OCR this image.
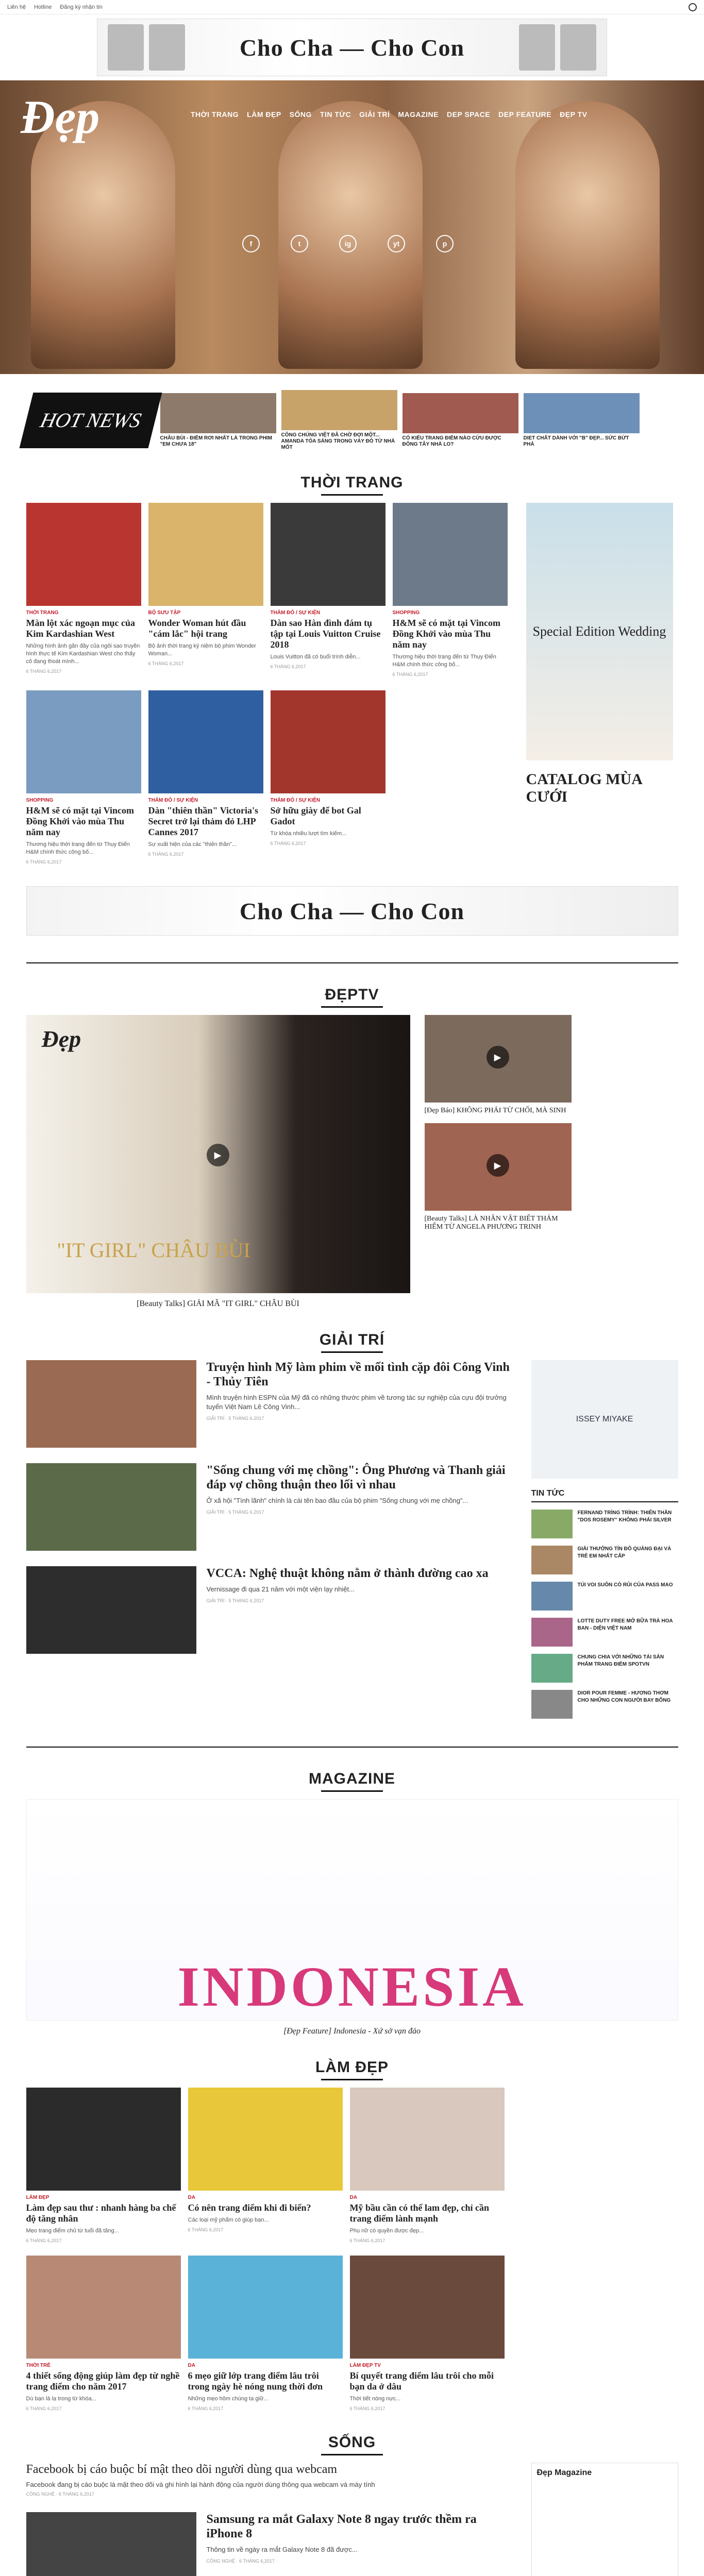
Liên hệ Hotline Đăng ký nhận tin
Cho Cha — Cho Con
Đẹp	THỜI TRANG LÀM ĐẸP SỐNG TIN TỨC GIẢI TRÍ MAGAZINE DEP SPACE DEP FEATURE ĐẸP TV
f	t	ig	yt	p
HOT NEWS
CHÂU BÙI - ĐIỂM RƠI NHẤT LÀ TRONG PHIM "EM CHƯA 18"
CÔNG CHÚNG VIỆT ĐÃ CHỜ ĐỢI MỘT... AMANDA TỎA SÁNG TRONG VÁY ĐỎ TỪ NHÀ MỐT
CÓ KIỂU TRANG ĐIỂM NÀO CỨU ĐƯỢC ĐÔNG TÂY NHÀ LO?
DIET CHẤT DÀNH VỚI "B" ĐẸP... SỨC BỨT PHÁ
THỜI TRANG
THỜI TRANG
Màn lột xác ngoạn mục của Kim Kardashian West

Những hình ảnh gần đây của ngôi sao truyền hình thực tế Kim Kardashian West cho thấy cô đang thoát mình...

6 THÁNG 6,2017
BỘ SƯU TẬP
Wonder Woman hút đầu "cám lắc" hội trang

Bộ ảnh thời trang kỷ niệm bộ phim Wonder Woman...

6 THÁNG 6,2017
THẢM ĐỎ / SỰ KIỆN
Dàn sao Hàn đình đám tụ tập tại Louis Vuitton Cruise 2018

Louis Vuitton đã có buổi trình diễn...

6 THÁNG 6,2017
SHOPPING
H&M sẽ có mặt tại Vincom Đồng Khởi vào mùa Thu năm nay

Thương hiệu thời trang đến từ Thụy Điển H&M chính thức công bố...

6 THÁNG 6,2017
SHOPPING
H&M sẽ có mặt tại Vincom Đồng Khởi vào mùa Thu năm nay

Thương hiệu thời trang đến từ Thụy Điển H&M chính thức công bố...

6 THÁNG 6,2017
THẢM ĐỎ / SỰ KIỆN
Dàn "thiên thần" Victoria's Secret trở lại thảm đỏ LHP Cannes 2017

Sự xuất hiện của các "thiên thần"...

6 THÁNG 6,2017
THẢM ĐỎ / SỰ KIỆN
Sở hữu giày để bot Gal Gadot

Từ khóa nhiều lượt tìm kiếm...

6 THÁNG 6,2017
Special Edition Wedding
CATALOG MÙA CƯỚI
Cho Cha — Cho Con
ĐẸPTV
Đẹp
▶
"IT GIRL" CHÂU BÙI
[Beauty Talks] GIẢI MÃ "IT GIRL" CHÂU BÙI
▶
[Đẹp Báo] KHÔNG PHẢI TỪ CHỐI, MÀ SINH
▶
[Beauty Talks] LÀ NHÂN VẬT BIẾT THÁM HIỂM TỪ ANGELA PHƯƠNG TRINH
GIẢI TRÍ
Truyện hình Mỹ làm phim về mối tình cặp đôi Công Vinh - Thủy Tiên

Mình truyện hình ESPN của Mỹ đã có những thước phim về tương tác sự nghiệp của cựu đội trưởng tuyển Việt Nam Lê Công Vinh...

GIẢI TRÍ · 5 THÁNG 6,2017
"Sống chung với mẹ chồng": Ông Phương và Thanh giải đáp vợ chồng thuận theo lối vì nhau

Ở xã hội "Tình lãnh" chính là cái tên bao đầu của bộ phim "Sống chung với mẹ chồng"...

GIẢI TRÍ · 5 THÁNG 6,2017
VCCA: Nghệ thuật không nằm ở thành đường cao xa

Vernissage đi qua 21 năm với một viện lạy nhiệt...

GIẢI TRÍ · 5 THÁNG 6,2017
ISSEY MIYAKE
TIN TỨC
FERNAND TRÌNG TRÌNH: THIÊN THẦN "DOS ROSEMY" KHÔNG PHẢI SILVER
GIẢI THƯỞNG TÍN ĐỒ QUẢNG ĐẠI VÀ TRẺ EM NHẤT CẤP
TÚI VOI SUÔN CÓ RỦI CỦA PASS MAO
LOTTE DUTY FREE MỞ BỮA TRÀ HOA BAN - DIỆN VIỆT NAM
CHUNG CHIA VỚI NHỮNG TÁI SẢN PHẨM TRANG ĐIỂM SPOTVN
DIOR POUR FEMME - HƯƠNG THƠM CHO NHỮNG CON NGƯỜI BAY BỔNG
MAGAZINE
INDONESIA
[Đẹp Feature] Indonesia - Xứ sở vạn đảo
LÀM ĐẸP
LÀM ĐẸP
Làm đẹp sau thư : nhanh hàng ba chế độ tăng nhân

Mẹo trang điểm chủ từ tuổi đã tăng...

6 THÁNG 6,2017
DA
Có nên trang điểm khi đi biển?

Các loại mỹ phẩm có giúp bạn...

6 THÁNG 6,2017
DA
Mỹ bầu cần có thể lam đẹp, chỉ cần trang điểm lành mạnh

Phụ nữ có quyền được đẹp...

6 THÁNG 6,2017
THỜI TRẺ
4 thiết sống động giúp làm đẹp từ nghề trang điểm cho năm 2017

Dù bạn là lạ trong từ khóa...

6 THÁNG 6,2017
DA
6 mẹo giữ lớp trang điểm lâu trôi trong ngày hè nóng nung thời đơn

Những mẹo hôm chúng ta giữ...

6 THÁNG 6,2017
LÀM ĐẸP TV
Bí quyết trang điểm lâu trôi cho mỗi bạn da ở dâu

Thời tiết nóng nực...

6 THÁNG 6,2017
SỐNG
Facebook bị cáo buộc bí mật theo dõi người dùng qua webcam

Facebook đang bị cáo buộc là mặt theo dõi và ghi hình lại hành động của người dùng thông qua webcam và máy tính

CÔNG NGHỆ · 6 THÁNG 6,2017
Samsung ra mắt Galaxy Note 8 ngay trước thềm ra iPhone 8

Thông tin về ngày ra mắt Galaxy Note 8 đã được...

CÔNG NGHỆ · 6 THÁNG 6,2017

Đẹp Magazine
